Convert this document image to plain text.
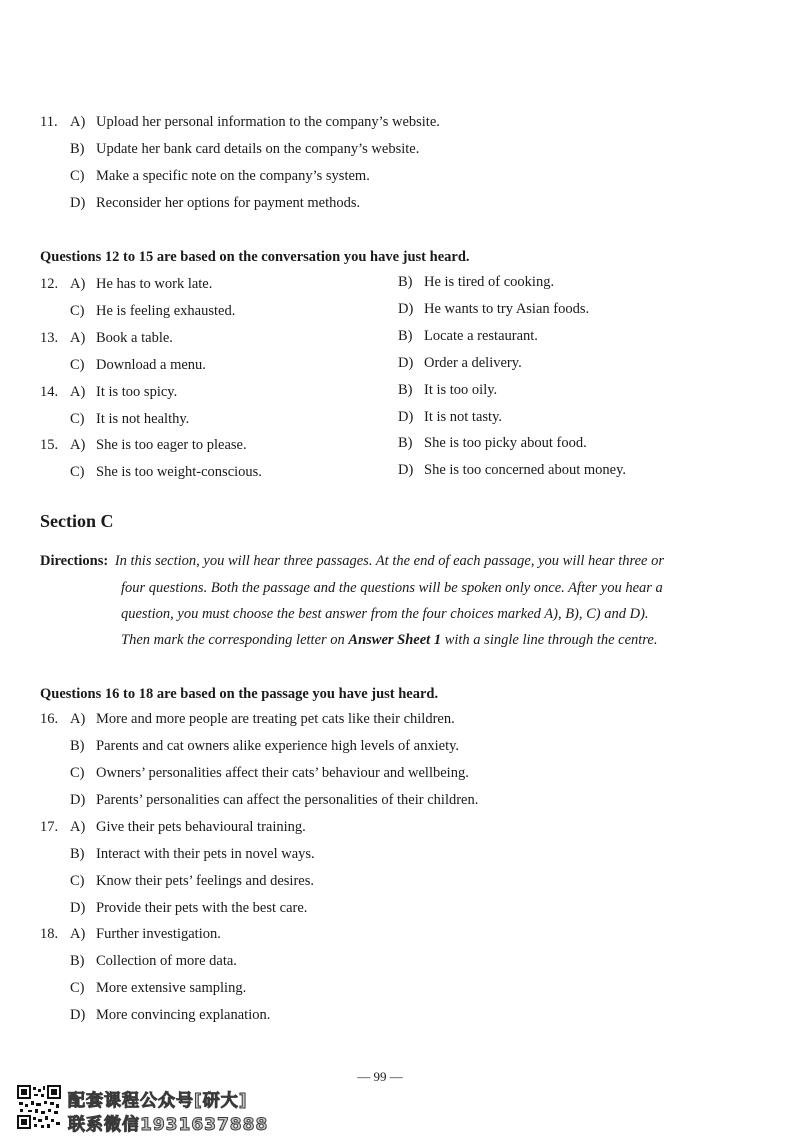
11. A) Upload her personal information to the company’s website.
B) Update her bank card details on the company’s website.
C) Make a specific note on the company’s system.
D) Reconsider her options for payment methods.
Questions 12 to 15 are based on the conversation you have just heard.
12. A) He has to work late.	B) He is tired of cooking.
C) He is feeling exhausted.	D) He wants to try Asian foods.
13. A) Book a table.	B) Locate a restaurant.
C) Download a menu.	D) Order a delivery.
14. A) It is too spicy.	B) It is too oily.
C) It is not healthy.	D) It is not tasty.
15. A) She is too eager to please.	B) She is too picky about food.
C) She is too weight-conscious.	D) She is too concerned about money.
Section C
Directions: In this section, you will hear three passages. At the end of each passage, you will hear three or
four questions. Both the passage and the questions will be spoken only once. After you hear a
question, you must choose the best answer from the four choices marked A), B), C) and D).
Then mark the corresponding letter on Answer Sheet 1 with a single line through the centre.
Questions 16 to 18 are based on the passage you have just heard.
16. A) More and more people are treating pet cats like their children.
B) Parents and cat owners alike experience high levels of anxiety.
C) Owners’ personalities affect their cats’ behaviour and wellbeing.
D) Parents’ personalities can affect the personalities of their children.
17. A) Give their pets behavioural training.
B) Interact with their pets in novel ways.
C) Know their pets’ feelings and desires.
D) Provide their pets with the best care.
18. A) Further investigation.
B) Collection of more data.
C) More extensive sampling.
D) More convincing explanation.
— 99 —
配套课程公众号[研大]
联系微信1931637888
